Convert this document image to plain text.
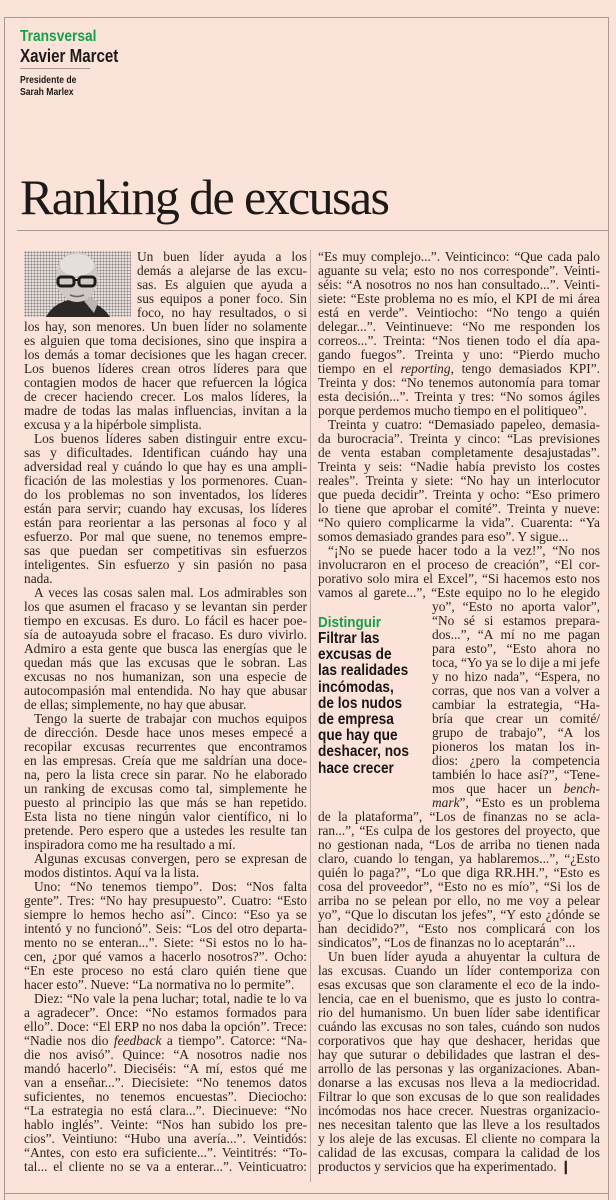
Transversal
Xavier Marcet
Presidente de
Sarah Marlex
Ranking de excusas
Un buen líder ayuda a los
demás a alejarse de las excu-
sas. Es alguien que ayuda a
sus equipos a poner foco. Sin
foco, no hay resultados, o si
los hay, son menores. Un buen líder no solamente
es alguien que toma decisiones, sino que inspira a
los demás a tomar decisiones que les hagan crecer.
Los buenos líderes crean otros líderes para que
contagien modos de hacer que refuercen la lógica
de crecer haciendo crecer. Los malos líderes, la
madre de todas las malas influencias, invitan a la
excusa y a la hipérbole simplista.
Los buenos líderes saben distinguir entre excu-
sas y dificultades. Identifican cuándo hay una
adversidad real y cuándo lo que hay es una ampli-
ficación de las molestias y los pormenores. Cuan-
do los problemas no son inventados, los líderes
están para servir; cuando hay excusas, los líderes
están para reorientar a las personas al foco y al
esfuerzo. Por mal que suene, no tenemos empre-
sas que puedan ser competitivas sin esfuerzos
inteligentes. Sin esfuerzo y sin pasión no pasa
nada.
A veces las cosas salen mal. Los admirables son
los que asumen el fracaso y se levantan sin perder
tiempo en excusas. Es duro. Lo fácil es hacer poe-
sía de autoayuda sobre el fracaso. Es duro vivirlo.
Admiro a esta gente que busca las energías que le
quedan más que las excusas que le sobran. Las
excusas no nos humanizan, son una especie de
autocompasión mal entendida. No hay que abusar
de ellas; simplemente, no hay que abusar.
Tengo la suerte de trabajar con muchos equipos
de dirección. Desde hace unos meses empecé a
recopilar excusas recurrentes que encontramos
en las empresas. Creía que me saldrían una doce-
na, pero la lista crece sin parar. No he elaborado
un ranking de excusas como tal, simplemente he
puesto al principio las que más se han repetido.
Esta lista no tiene ningún valor científico, ni lo
pretende. Pero espero que a ustedes les resulte tan
inspiradora como me ha resultado a mí.
Algunas excusas convergen, pero se expresan de
modos distintos. Aquí va la lista.
Uno: “No tenemos tiempo”. Dos: “Nos falta
gente”. Tres: “No hay presupuesto”. Cuatro: “Esto
siempre lo hemos hecho así”. Cinco: “Eso ya se
intentó y no funcionó”. Seis: “Los del otro departa-
mento no se enteran...”. Siete: “Si estos no lo ha-
cen, ¿por qué vamos a hacerlo nosotros?”. Ocho:
“En este proceso no está claro quién tiene que
hacer esto”. Nueve: “La normativa no lo permite”.
Diez: “No vale la pena luchar; total, nadie te lo va
a agradecer”. Once: “No estamos formados para
ello”. Doce: “El ERP no nos daba la opción”. Trece:
“Nadie nos dio feedback a tiempo”. Catorce: “Na-
die nos avisó”. Quince: “A nosotros nadie nos
mandó hacerlo”. Dieciséis: “A mí, estos qué me
van a enseñar...”. Diecisiete: “No tenemos datos
suficientes, no tenemos encuestas”. Dieciocho:
“La estrategia no está clara...”. Diecinueve: “No
hablo inglés”. Veinte: “Nos han subido los pre-
cios”. Veintiuno: “Hubo una avería...”. Veintidós:
“Antes, con esto era suficiente...”. Veintitrés: “To-
tal... el cliente no se va a enterar...”. Veinticuatro:
“Es muy complejo...”. Veinticinco: “Que cada palo
aguante su vela; esto no nos corresponde”. Veinti-
séis: “A nosotros no nos han consultado...”. Veinti-
siete: “Este problema no es mío, el KPI de mi área
está en verde”. Veintiocho: “No tengo a quién
delegar...”. Veintinueve: “No me responden los
correos...”. Treinta: “Nos tienen todo el día apa-
gando fuegos”. Treinta y uno: “Pierdo mucho
tiempo en el reporting, tengo demasiados KPI”.
Treinta y dos: “No tenemos autonomía para tomar
esta decisión...”. Treinta y tres: “No somos ágiles
porque perdemos mucho tiempo en el politiqueo”.
Treinta y cuatro: “Demasiado papeleo, demasia-
da burocracia”. Treinta y cinco: “Las previsiones
de venta estaban completamente desajustadas”.
Treinta y seis: “Nadie había previsto los costes
reales”. Treinta y siete: “No hay un interlocutor
que pueda decidir”. Treinta y ocho: “Eso primero
lo tiene que aprobar el comité”. Treinta y nueve:
“No quiero complicarme la vida”. Cuarenta: “Ya
somos demasiado grandes para eso”. Y sigue...
“¡No se puede hacer todo a la vez!”, “No nos
involucraron en el proceso de creación”, “El cor-
porativo solo mira el Excel”, “Si hacemos esto nos
vamos al garete...”, “Este equipo no lo he elegido
yo”, “Esto no aporta valor”,
“No sé si estamos prepara-
dos...”, “A mí no me pagan
para esto”, “Esto ahora no
toca, “Yo ya se lo dije a mi jefe
y no hizo nada”, “Espera, no
corras, que nos van a volver a
cambiar la estrategia, “Ha-
bría que crear un comité/
grupo de trabajo”, “A los
pioneros los matan los in-
dios: ¿pero la competencia
también lo hace así?”, “Tene-
mos que hacer un bench-
mark”, “Esto es un problema
de la plataforma”, “Los de finanzas no se acla-
ran...”, “Es culpa de los gestores del proyecto, que
no gestionan nada, “Los de arriba no tienen nada
claro, cuando lo tengan, ya hablaremos...”, “¿Esto
quién lo paga?”, “Lo que diga RR.HH.”, “Esto es
cosa del proveedor”, “Esto no es mío”, “Si los de
arriba no se pelean por ello, no me voy a pelear
yo”, “Que lo discutan los jefes”, “Y esto ¿dónde se
han decidido?”, “Esto nos complicará con los
sindicatos”, “Los de finanzas no lo aceptarán”...
Un buen líder ayuda a ahuyentar la cultura de
las excusas. Cuando un líder contemporiza con
esas excusas que son claramente el eco de la indo-
lencia, cae en el buenismo, que es justo lo contra-
rio del humanismo. Un buen líder sabe identificar
cuándo las excusas no son tales, cuándo son nudos
corporativos que hay que deshacer, heridas que
hay que suturar o debilidades que lastran el des-
arrollo de las personas y las organizaciones. Aban-
donarse a las excusas nos lleva a la mediocridad.
Filtrar lo que son excusas de lo que son realidades
incómodas nos hace crecer. Nuestras organizacio-
nes necesitan talento que las lleve a los resultados
y los aleje de las excusas. El cliente no compara la
calidad de las excusas, compara la calidad de los
productos y servicios que ha experimentado. ❙
Distinguir
Filtrar las
excusas de
las realidades
incómodas,
de los nudos
de empresa
que hay que
deshacer, nos
hace crecer
